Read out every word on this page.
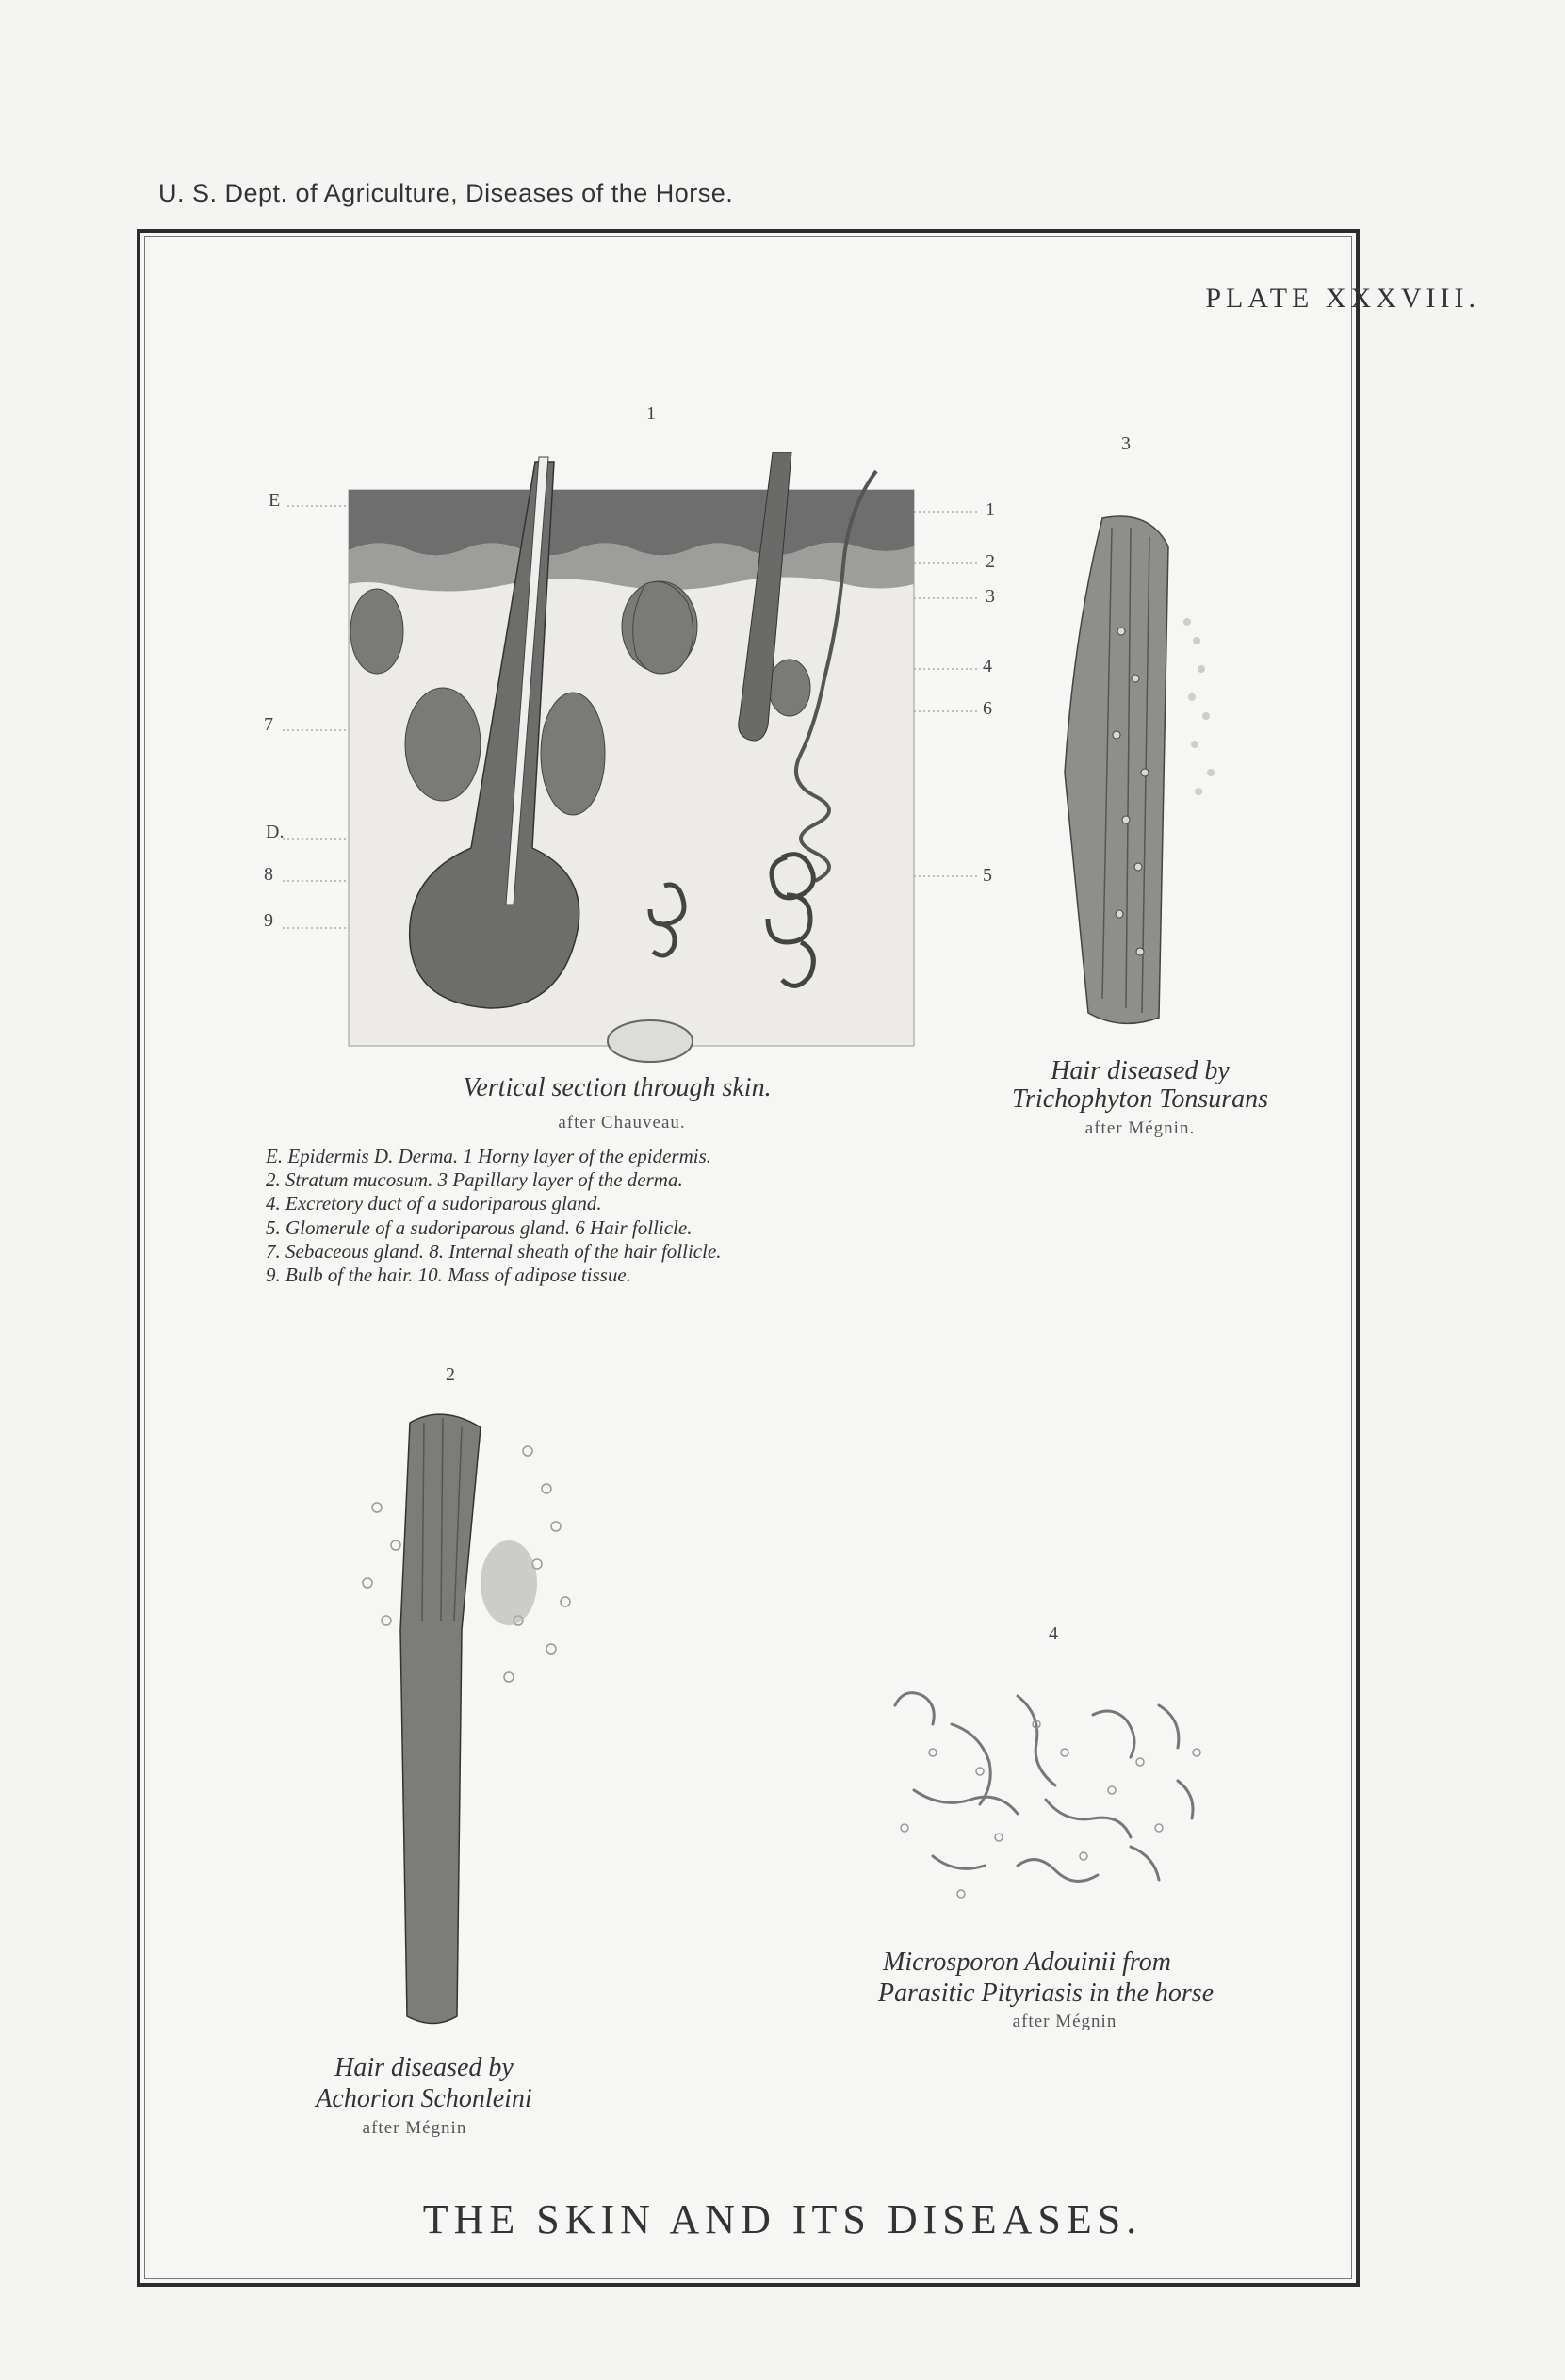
U. S. Dept. of Agriculture, Diseases of the Horse.
PLATE XXXVIII.
1
E
7
D.
8
9
1
2
3
4
6
5
Vertical section through skin.
after Chauveau.
E. Epidermis D. Derma. 1 Horny layer of the epidermis.
2. Stratum mucosum. 3 Papillary layer of the derma.
4. Excretory duct of a sudoriparous gland.
5. Glomerule of a sudoriparous gland. 6 Hair follicle.
7. Sebaceous gland. 8. Internal sheath of the hair follicle.
9. Bulb of the hair. 10. Mass of adipose tissue.
3
Hair diseased by
Trichophyton Tonsurans
after Mégnin.
2
Hair diseased by
Achorion Schonleini
after Mégnin
4
Microsporon Adouinii from
Parasitic Pityriasis in the horse
after Mégnin
THE SKIN AND ITS DISEASES.
